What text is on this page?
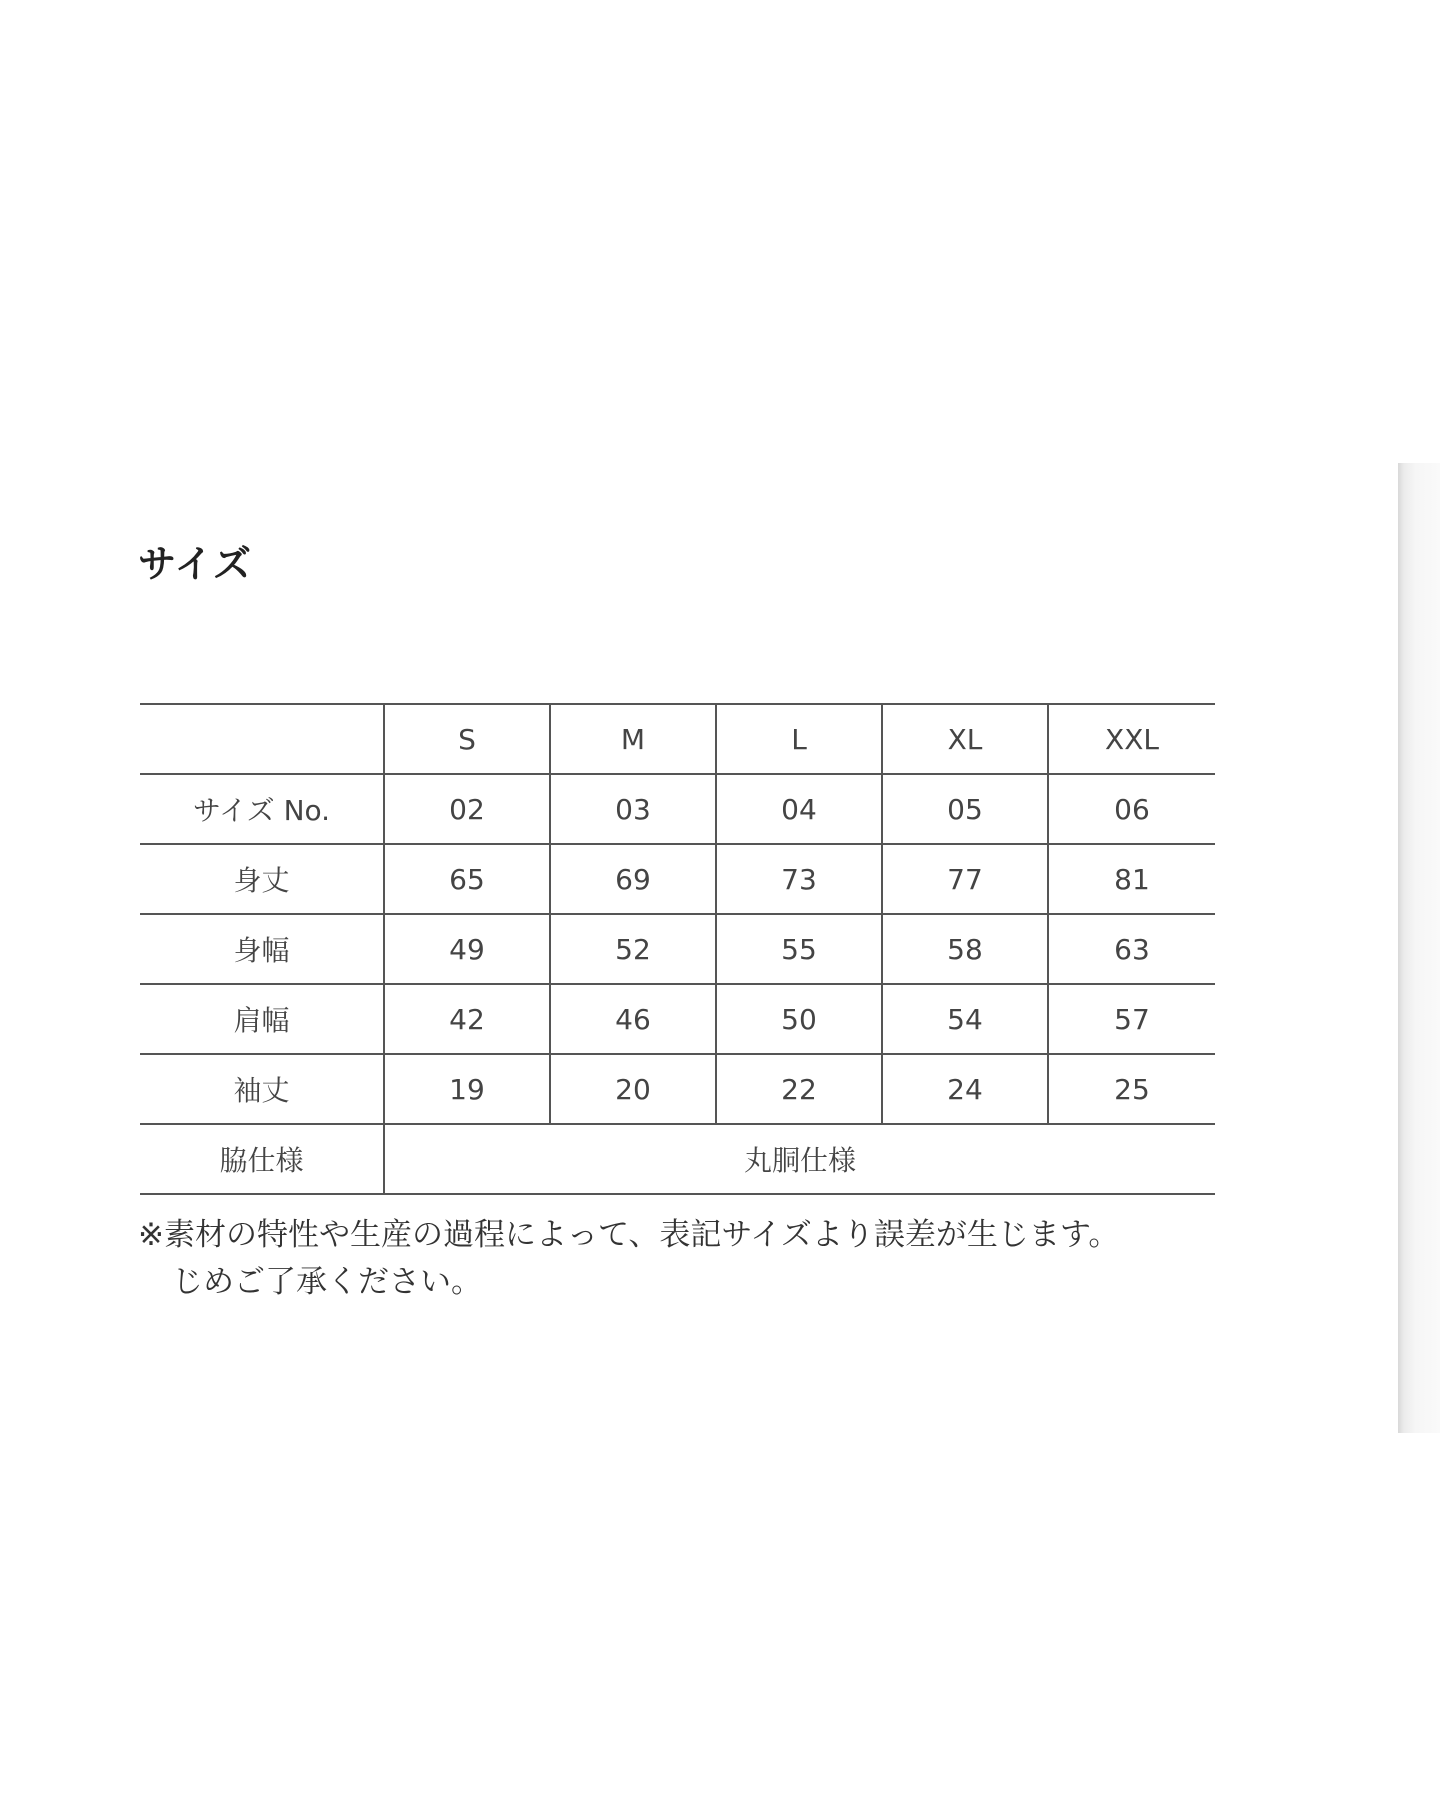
サイズ
	S	M	L	XL	XXL
サイズ No.	02	03	04	05	06
身丈	65	69	73	77	81
身幅	49	52	55	58	63
肩幅	42	46	50	54	57
袖丈	19	20	22	24	25
脇仕様	丸胴仕様				
※素材の特性や生産の過程によって、表記サイズより誤差が生じます。
じめご了承ください。
